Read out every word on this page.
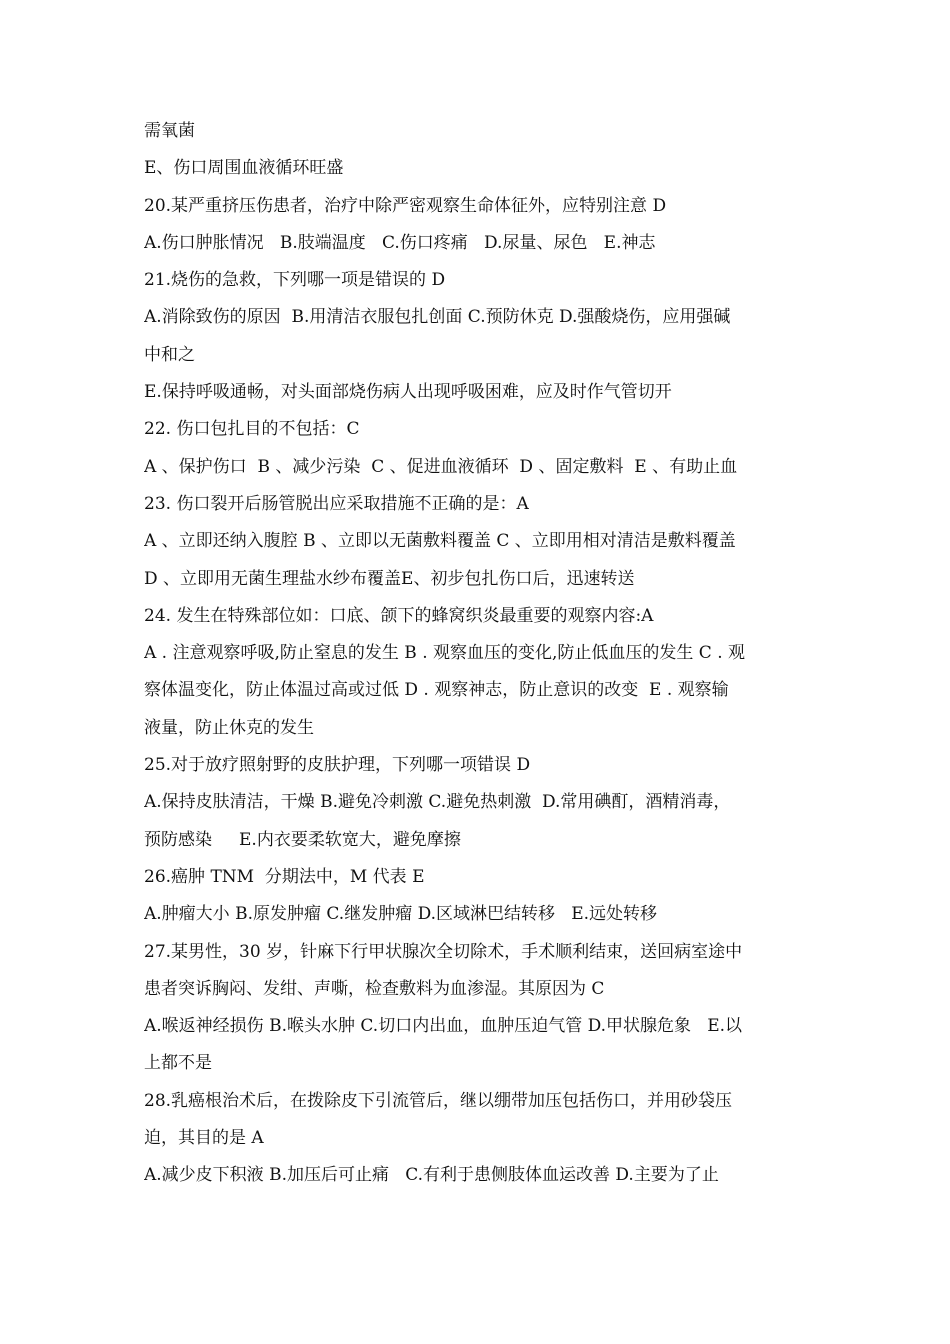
需氧菌
E、伤口周围血液循环旺盛
20.某严重挤压伤患者，治疗中除严密观察生命体征外，应特别注意 D
A.伤口肿胀情况   B.肢端温度   C.伤口疼痛   D.尿量、尿色   E.神志
21.烧伤的急救，下列哪一项是错误的 D
A.消除致伤的原因  B.用清洁衣服包扎创面 C.预防休克 D.强酸烧伤，应用强碱
中和之
E.保持呼吸通畅，对头面部烧伤病人出现呼吸困难，应及时作气管切开
22. 伤口包扎目的不包括：C
A 、保护伤口  B 、减少污染  C 、促进血液循环  D 、固定敷料  E 、有助止血
23. 伤口裂开后肠管脱出应采取措施不正确的是：A
A 、立即还纳入腹腔 B 、立即以无菌敷料覆盖 C 、立即用相对清洁是敷料覆盖
D 、立即用无菌生理盐水纱布覆盖E、初步包扎伤口后，迅速转送
24. 发生在特殊部位如：口底、颌下的蜂窝织炎最重要的观察内容:A
A . 注意观察呼吸,防止窒息的发生 B . 观察血压的变化,防止低血压的发生 C . 观
察体温变化，防止体温过高或过低 D . 观察神志，防止意识的改变  E . 观察输
液量，防止休克的发生
25.对于放疗照射野的皮肤护理，下列哪一项错误 D
A.保持皮肤清洁，干燥 B.避免冷刺激 C.避免热刺激  D.常用碘酊，酒精消毒，
预防感染     E.内衣要柔软宽大，避免摩擦
26.癌肿 TNM  分期法中，M 代表 E
A.肿瘤大小 B.原发肿瘤 C.继发肿瘤 D.区域淋巴结转移   E.远处转移
27.某男性，30 岁，针麻下行甲状腺次全切除术，手术顺利结束，送回病室途中
患者突诉胸闷、发绀、声嘶，检查敷料为血渗湿。其原因为 C
A.喉返神经损伤 B.喉头水肿 C.切口内出血，血肿压迫气管 D.甲状腺危象   E.以
上都不是
28.乳癌根治术后，在拨除皮下引流管后，继以绷带加压包括伤口，并用砂袋压
迫，其目的是 A
A.减少皮下积液 B.加压后可止痛   C.有利于患侧肢体血运改善 D.主要为了止
